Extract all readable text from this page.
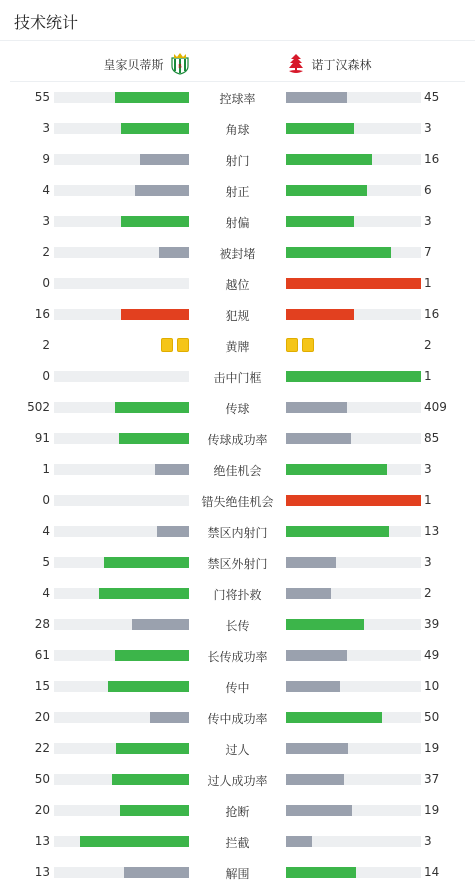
技术统计
皇家贝蒂斯	B	诺丁汉森林
55	控球率	45
3	角球	3
9	射门	16
4	射正	6
3	射偏	3
2	被封堵	7
0	越位	1
16	犯规	16
2	黄牌	2
0	击中门框	1
502	传球	409
91	传球成功率	85
1	绝佳机会	3
0	错失绝佳机会	1
4	禁区内射门	13
5	禁区外射门	3
4	门将扑救	2
28	长传	39
61	长传成功率	49
15	传中	10
20	传中成功率	50
22	过人	19
50	过人成功率	37
20	抢断	19
13	拦截	3
13	解围	14
